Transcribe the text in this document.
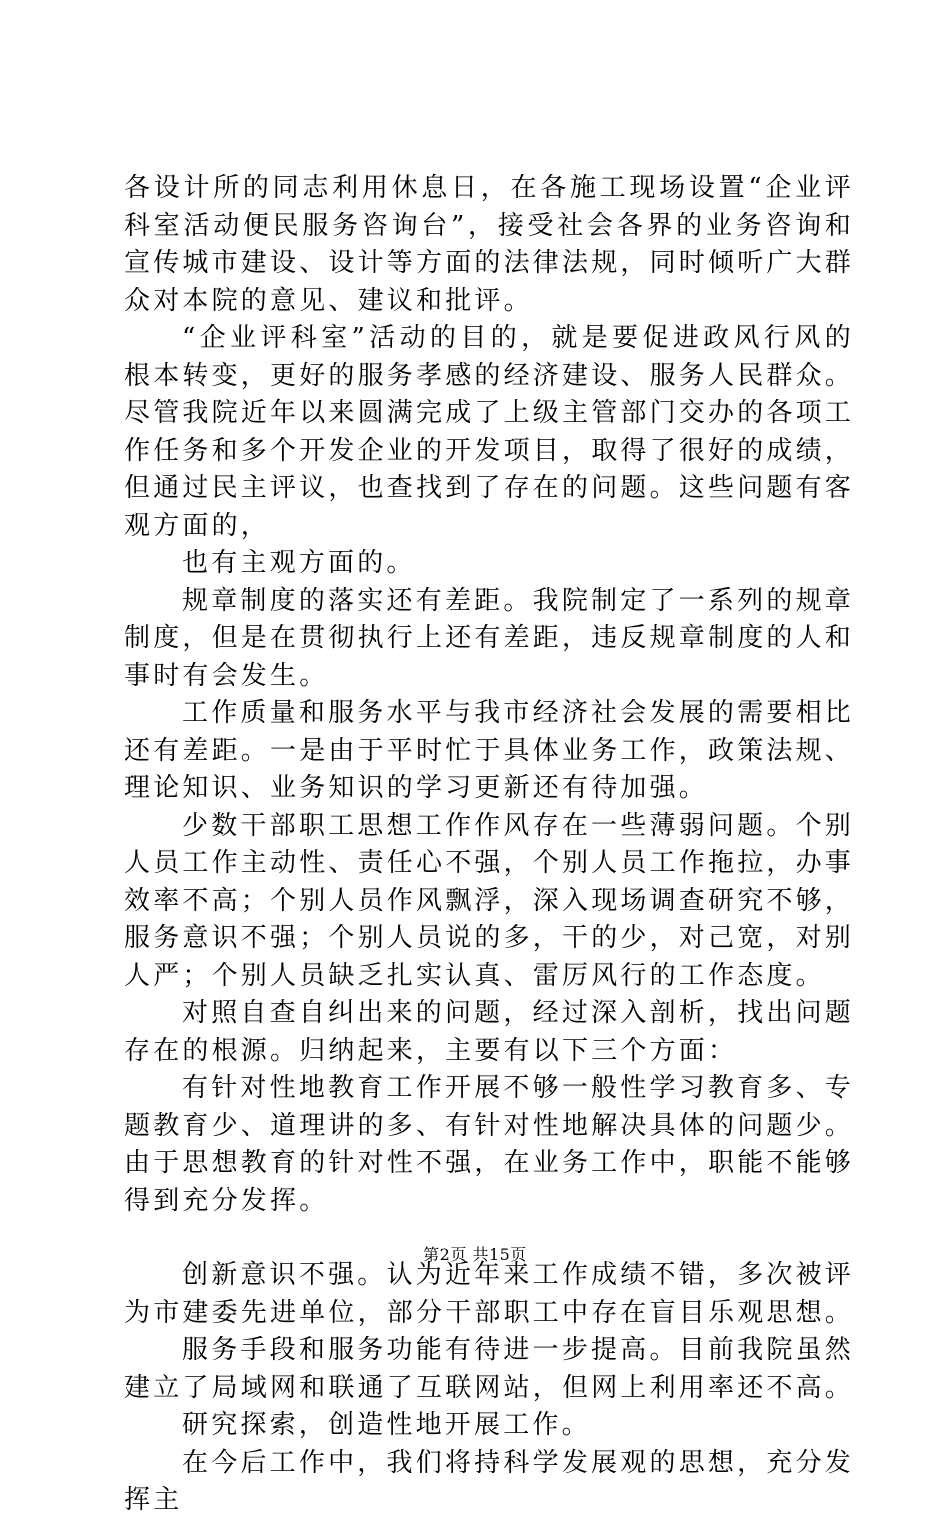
各设计所的同志利用休息日，在各施工现场设置“企业评科室活动便民服务咨询台”，接受社会各界的业务咨询和宣传城市建设、设计等方面的法律法规，同时倾听广大群众对本院的意见、建议和批评。

“企业评科室”活动的目的，就是要促进政风行风的根本转变，更好的服务孝感的经济建设、服务人民群众。尽管我院近年以来圆满完成了上级主管部门交办的各项工作任务和多个开发企业的开发项目，取得了很好的成绩，但通过民主评议，也查找到了存在的问题。这些问题有客观方面的，

也有主观方面的。

规章制度的落实还有差距。我院制定了一系列的规章制度，但是在贯彻执行上还有差距，违反规章制度的人和事时有会发生。

工作质量和服务水平与我市经济社会发展的需要相比还有差距。一是由于平时忙于具体业务工作，政策法规、理论知识、业务知识的学习更新还有待加强。

少数干部职工思想工作作风存在一些薄弱问题。个别人员工作主动性、责任心不强，个别人员工作拖拉，办事效率不高；个别人员作风飘浮，深入现场调查研究不够，服务意识不强；个别人员说的多，干的少，对己宽，对别人严；个别人员缺乏扎实认真、雷厉风行的工作态度。

对照自查自纠出来的问题，经过深入剖析，找出问题存在的根源。归纳起来，主要有以下三个方面：

有针对性地教育工作开展不够一般性学习教育多、专题教育少、道理讲的多、有针对性地解决具体的问题少。由于思想教育的针对性不强，在业务工作中，职能不能够得到充分发挥。

创新意识不强。认为近年来工作成绩不错，多次被评为市建委先进单位，部分干部职工中存在盲目乐观思想。

服务手段和服务功能有待进一步提高。目前我院虽然建立了局域网和联通了互联网站，但网上利用率还不高。

研究探索，创造性地开展工作。

在今后工作中，我们将持科学发展观的思想，充分发挥主

第2页 共15页
